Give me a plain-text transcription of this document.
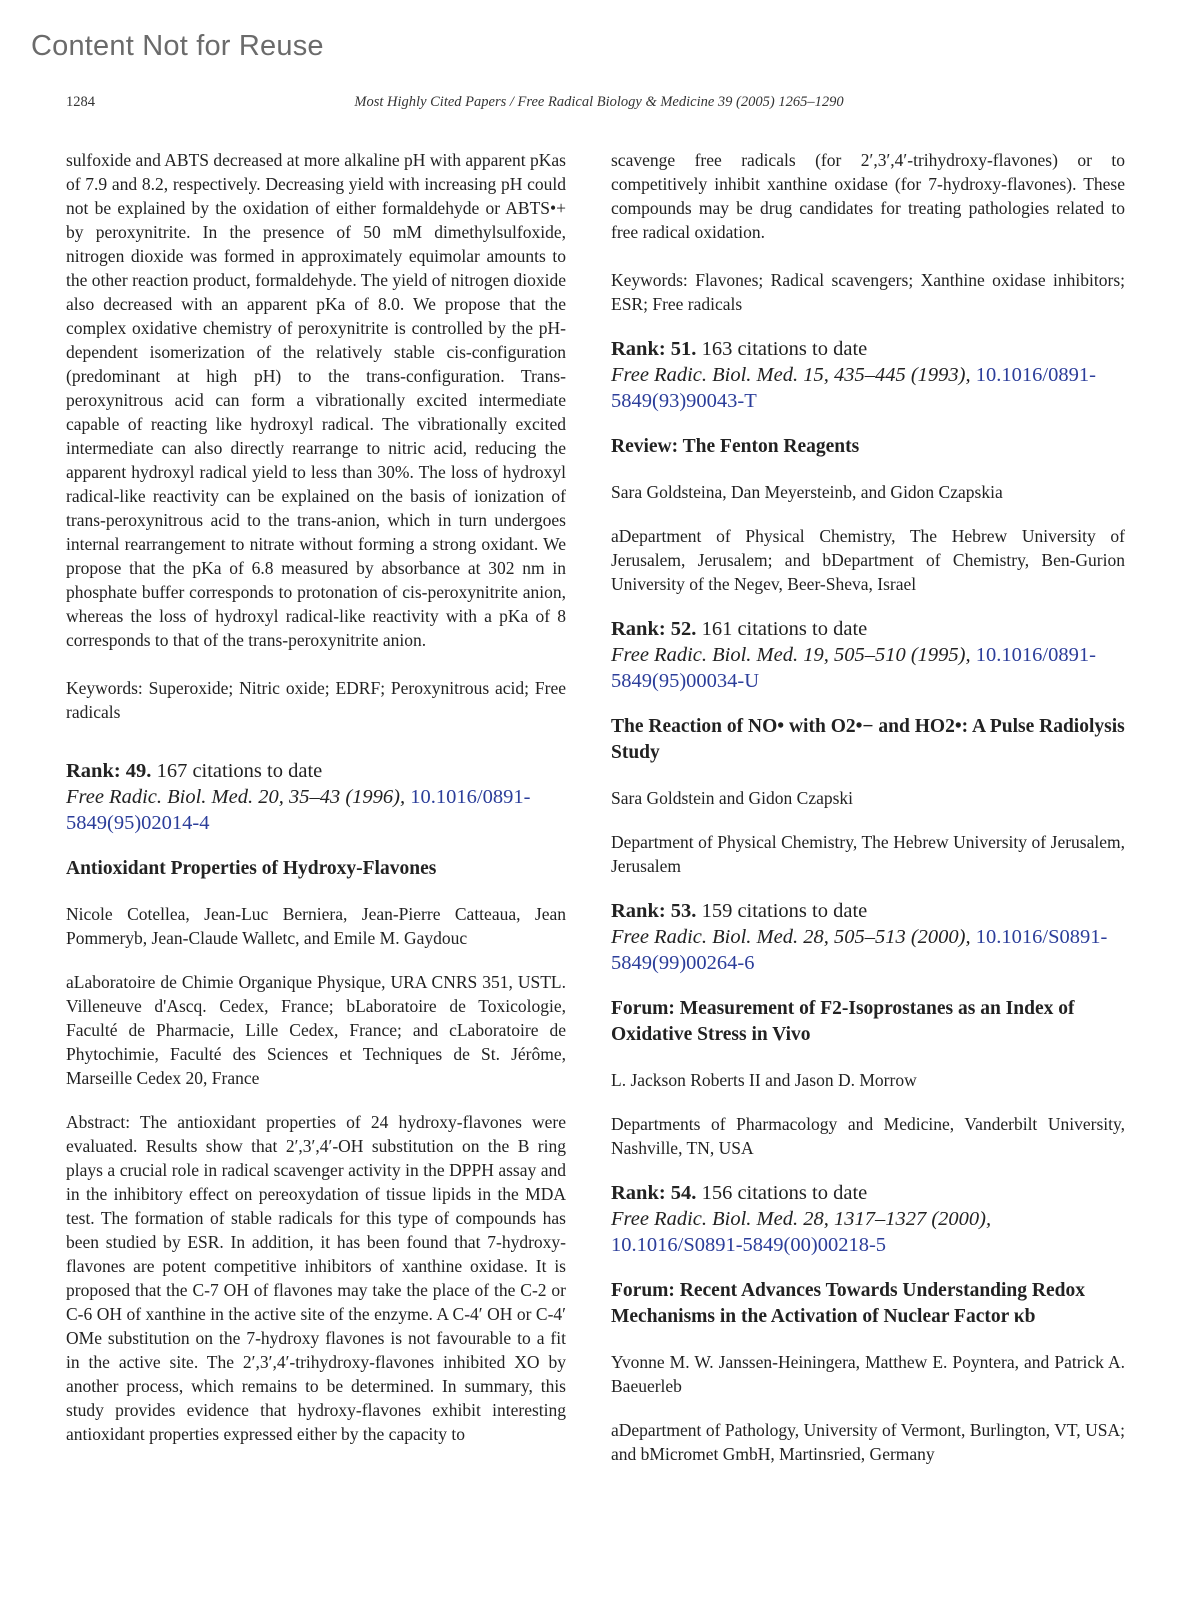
Content Not for Reuse
1284	Most Highly Cited Papers / Free Radical Biology & Medicine 39 (2005) 1265–1290

sulfoxide and ABTS decreased at more alkaline pH with apparent pKas of 7.9 and 8.2, respectively. Decreasing yield with increasing pH could not be explained by the oxidation of either formaldehyde or ABTS•+ by peroxynitrite. In the presence of 50 mM dimethylsulfoxide, nitrogen dioxide was formed in approximately equimolar amounts to the other reaction product, formaldehyde. The yield of nitrogen dioxide also decreased with an apparent pKa of 8.0. We propose that the complex oxidative chemistry of peroxynitrite is controlled by the pH-dependent isomerization of the relatively stable cis-configuration (predominant at high pH) to the trans-configuration. Trans-peroxynitrous acid can form a vibrationally excited intermediate capable of reacting like hydroxyl radical. The vibrationally excited intermediate can also directly rearrange to nitric acid, reducing the apparent hydroxyl radical yield to less than 30%. The loss of hydroxyl radical-like reactivity can be explained on the basis of ionization of trans-peroxynitrous acid to the trans-anion, which in turn undergoes internal rearrangement to nitrate without forming a strong oxidant. We propose that the pKa of 6.8 measured by absorbance at 302 nm in phosphate buffer corresponds to protonation of cis-peroxynitrite anion, whereas the loss of hydroxyl radical-like reactivity with a pKa of 8 corresponds to that of the trans-peroxynitrite anion.

Keywords: Superoxide; Nitric oxide; EDRF; Peroxynitrous acid; Free radicals

Rank: 49. 167 citations to date
Free Radic. Biol. Med. 20, 35–43 (1996), 10.1016/0891-5849(95)02014-4
Antioxidant Properties of Hydroxy-Flavones

Nicole Cotellea, Jean-Luc Berniera, Jean-Pierre Catteaua, Jean Pommeryb, Jean-Claude Walletc, and Emile M. Gaydouc

aLaboratoire de Chimie Organique Physique, URA CNRS 351, USTL. Villeneuve d'Ascq. Cedex, France; bLaboratoire de Toxicologie, Faculté de Pharmacie, Lille Cedex, France; and cLaboratoire de Phytochimie, Faculté des Sciences et Techniques de St. Jérôme, Marseille Cedex 20, France

Abstract: The antioxidant properties of 24 hydroxy-flavones were evaluated. Results show that 2′,3′,4′-OH substitution on the B ring plays a crucial role in radical scavenger activity in the DPPH assay and in the inhibitory effect on pereoxydation of tissue lipids in the MDA test. The formation of stable radicals for this type of compounds has been studied by ESR. In addition, it has been found that 7-hydroxy-flavones are potent competitive inhibitors of xanthine oxidase. It is proposed that the C-7 OH of flavones may take the place of the C-2 or C-6 OH of xanthine in the active site of the enzyme. A C-4′ OH or C-4′ OMe substitution on the 7-hydroxy flavones is not favourable to a fit in the active site. The 2′,3′,4′-trihydroxy-flavones inhibited XO by another process, which remains to be determined. In summary, this study provides evidence that hydroxy-flavones exhibit interesting antioxidant properties expressed either by the capacity to

scavenge free radicals (for 2′,3′,4′-trihydroxy-flavones) or to competitively inhibit xanthine oxidase (for 7-hydroxy-flavones). These compounds may be drug candidates for treating pathologies related to free radical oxidation.

Keywords: Flavones; Radical scavengers; Xanthine oxidase inhibitors; ESR; Free radicals

Rank: 51. 163 citations to date
Free Radic. Biol. Med. 15, 435–445 (1993), 10.1016/0891-5849(93)90043-T
Review: The Fenton Reagents

Sara Goldsteina, Dan Meyersteinb, and Gidon Czapskia

aDepartment of Physical Chemistry, The Hebrew University of Jerusalem, Jerusalem; and bDepartment of Chemistry, Ben-Gurion University of the Negev, Beer-Sheva, Israel

Rank: 52. 161 citations to date
Free Radic. Biol. Med. 19, 505–510 (1995), 10.1016/0891-5849(95)00034-U
The Reaction of NO• with O2•− and HO2•: A Pulse Radiolysis Study

Sara Goldstein and Gidon Czapski

Department of Physical Chemistry, The Hebrew University of Jerusalem, Jerusalem

Rank: 53. 159 citations to date
Free Radic. Biol. Med. 28, 505–513 (2000), 10.1016/S0891-5849(99)00264-6
Forum: Measurement of F2-Isoprostanes as an Index of Oxidative Stress in Vivo

L. Jackson Roberts II and Jason D. Morrow

Departments of Pharmacology and Medicine, Vanderbilt University, Nashville, TN, USA

Rank: 54. 156 citations to date
Free Radic. Biol. Med. 28, 1317–1327 (2000), 10.1016/S0891-5849(00)00218-5
Forum: Recent Advances Towards Understanding Redox Mechanisms in the Activation of Nuclear Factor κb

Yvonne M. W. Janssen-Heiningera, Matthew E. Poyntera, and Patrick A. Baeuerleb

aDepartment of Pathology, University of Vermont, Burlington, VT, USA; and bMicromet GmbH, Martinsried, Germany
